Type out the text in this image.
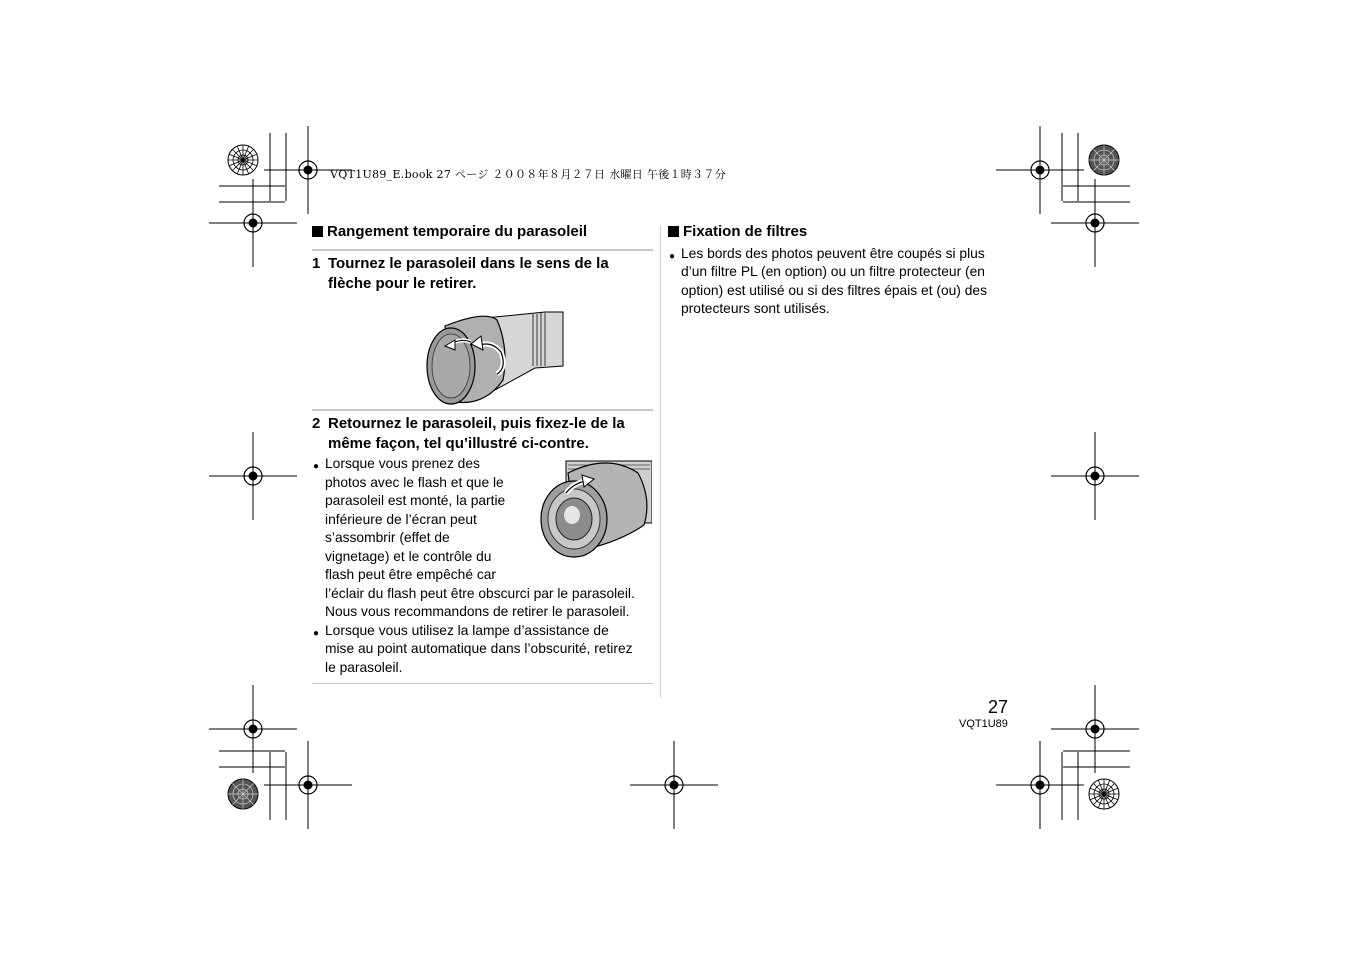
VQT1U89_E.book 27 ページ ２００８年８月２７日 水曜日 午後１時３７分
Rangement temporaire du parasoleil
1 Tournez le parasoleil dans le sens de la flèche pour le retirer.
2 Retournez le parasoleil, puis fixez-le de la même façon, tel qu’illustré ci-contre.
● Lorsque vous prenez des
photos avec le flash et que le
parasoleil est monté, la partie
inférieure de l’écran peut
s’assombrir (effet de
vignetage) et le contrôle du
flash peut être empêché car
l’éclair du flash peut être obscurci par le parasoleil.
Nous vous recommandons de retirer le parasoleil.
● Lorsque vous utilisez la lampe d’assistance de
mise au point automatique dans l’obscurité, retirez
le parasoleil.
Fixation de filtres
● Les bords des photos peuvent être coupés si plus
d’un filtre PL (en option) ou un filtre protecteur (en
option) est utilisé ou si des filtres épais et (ou) des
protecteurs sont utilisés.
27
VQT1U89
